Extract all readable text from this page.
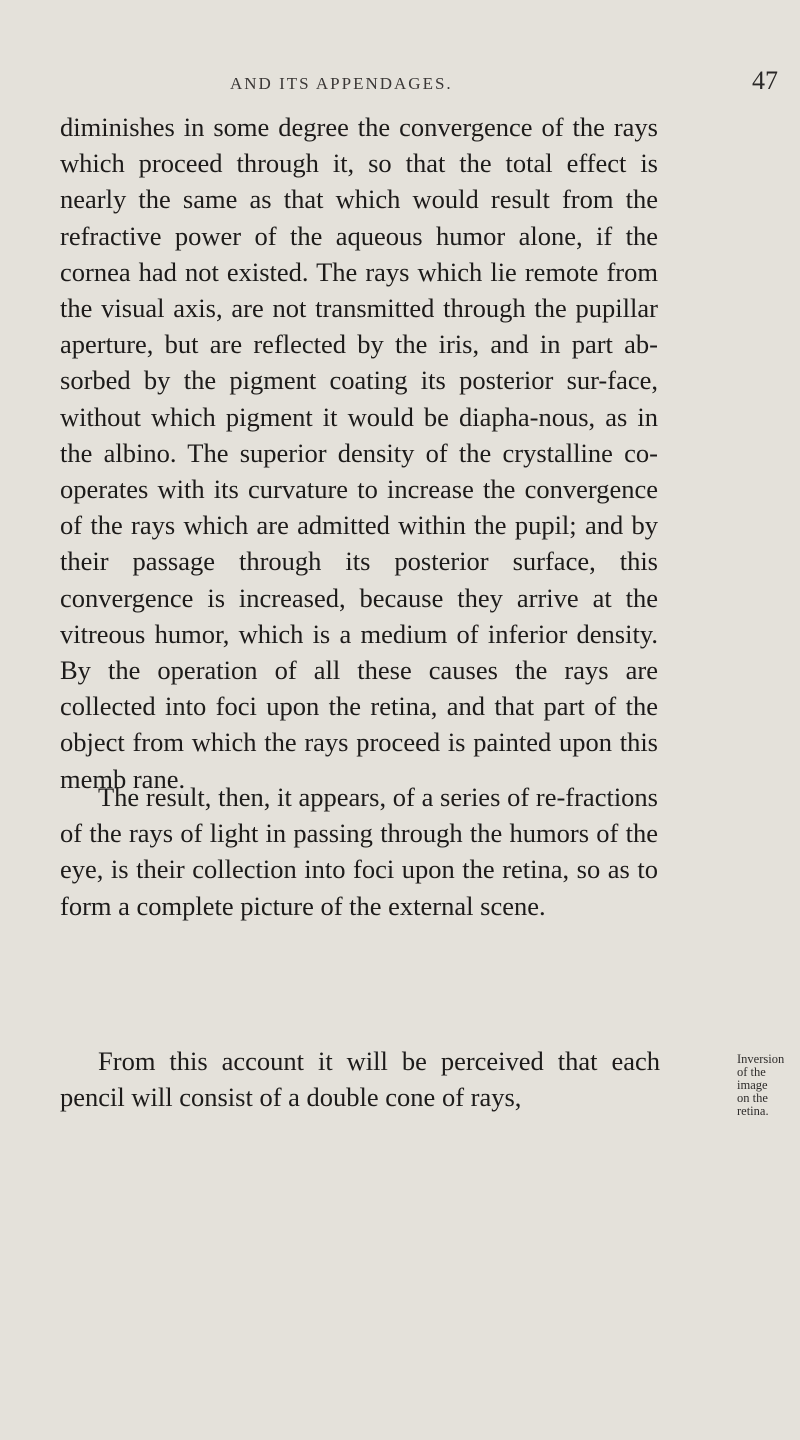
AND ITS APPENDAGES.	47

diminishes in some degree the convergence of the rays which proceed through it, so that the total effect is nearly the same as that which would result from the refractive power of the aqueous humor alone, if the cornea had not existed. The rays which lie remote from the visual axis, are not transmitted through the pupillar aperture, but are reflected by the iris, and in part ab-sorbed by the pigment coating its posterior sur-face, without which pigment it would be diapha-nous, as in the albino. The superior density of the crystalline co-operates with its curvature to increase the convergence of the rays which are admitted within the pupil; and by their passage through its posterior surface, this convergence is increased, because they arrive at the vitreous humor, which is a medium of inferior density. By the operation of all these causes the rays are collected into foci upon the retina, and that part of the object from which the rays proceed is painted upon this memb rane.

The result, then, it appears, of a series of re-fractions of the rays of light in passing through the humors of the eye, is their collection into foci upon the retina, so as to form a complete picture of the external scene.

From this account it will be perceived that each pencil will consist of a double cone of rays,

Inversion
of the image
on the
retina.
